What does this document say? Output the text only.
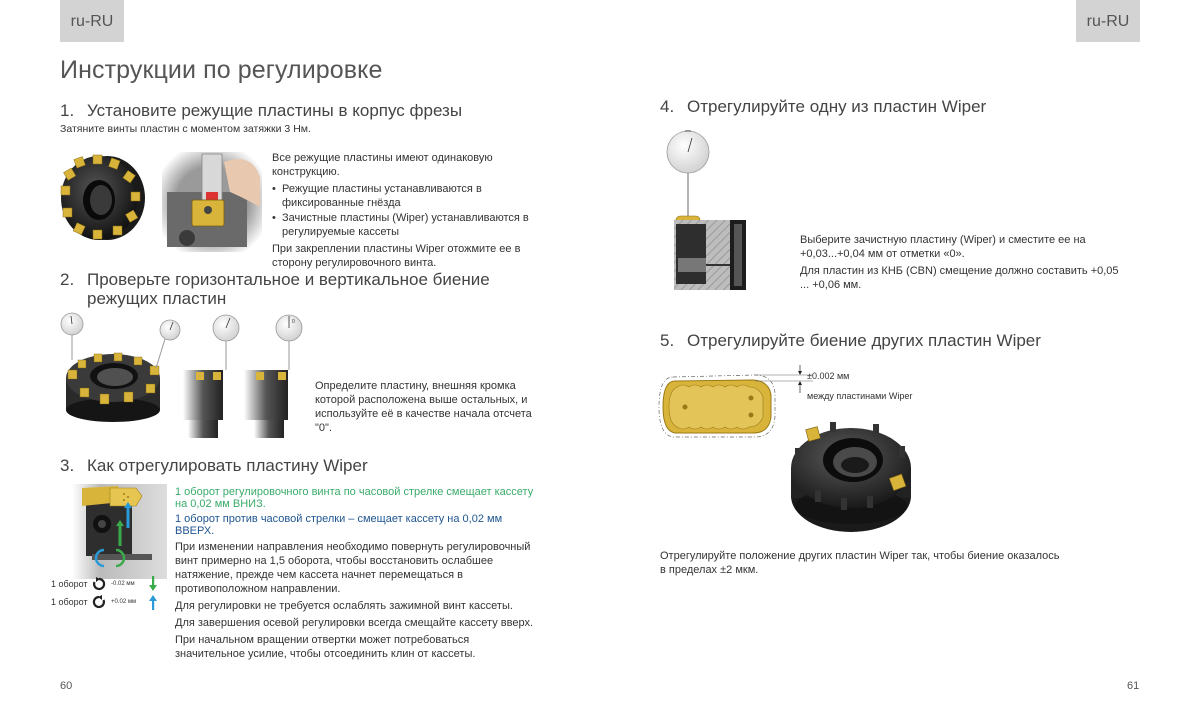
ru-RU
Инструкции по регулировке
1. Установите режущие пластины в корпус фрезы
Затяните винты пластин с моментом затяжки 3 Нм.

Все режущие пластины имеют одинаковую конструкцию.

• Режущие пластины устанавливаются в фиксированные гнёзда
• Зачистные пластины (Wiper) устанавливаются в регулируемые кассеты

При закреплении пластины Wiper отожмите ее в сторону регулировочного винта.

2. Проверьте горизонтальное и вертикальное биение
режущих пластин
0
Определите пластину, внешняя кромка которой расположена выше остальных, и используйте её в качестве начала отсчета "0".
3. Как отрегулировать пластину Wiper
1 оборот	-0.02 мм
1 оборот	+0.02 мм

1 оборот регулировочного винта по часовой стрелке смещает кассету на 0,02 мм ВНИЗ.

1 оборот против часовой стрелки – смещает кассету на 0,02 мм ВВЕРХ.

При изменении направления необходимо повернуть регулировочный винт примерно на 1,5 оборота, чтобы восстановить ослабшее натяжение, прежде чем кассета начнет перемещаться в противоположном направлении.

Для регулировки не требуется ослаблять зажимной винт кассеты.

Для завершения осевой регулировки всегда смещайте кассету вверх.

При начальном вращении отвертки может потребоваться значительное усилие, чтобы отсоединить клин от кассеты.

60
ru-RU
4. Отрегулируйте одну из пластин Wiper

Выберите зачистную пластину (Wiper) и сместите ее на +0,03...+0,04 мм от отметки «0».

Для пластин из КНБ (CBN) смещение должно составить +0,05 ... +0,06 мм.

5. Отрегулируйте биение других пластин Wiper
±0.002 мм
между пластинами Wiper
Отрегулируйте положение других пластин Wiper так, чтобы биение оказалось в пределах ±2 мкм.
61
